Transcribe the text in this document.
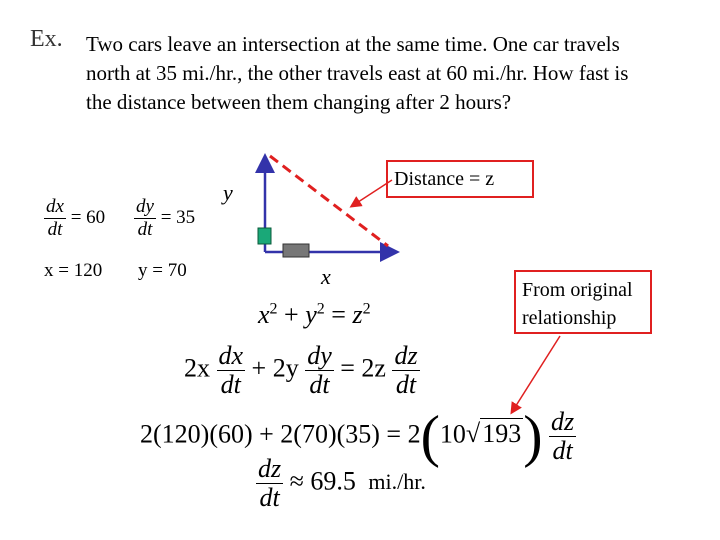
Ex. Two cars leave an intersection at the same time. One car travels north at 35 mi./hr., the other travels east at 60 mi./hr. How fast is the distance between them changing after 2 hours?
$\frac{dx}{dt} = 60 \frac{dy}{dt} = 35$
x = 120 y = 70
y
x
Distance = z
From original relationship
$x^2 + y^2 = z^2$
$2x \frac{dx}{dt} + 2y \frac{dy}{dt} = 2z \frac{dz}{dt}$
$2(120)(60) + 2(70)(35) = 2(10√193) \frac{dz}{dt}$
$\frac{dz}{dt} \approx 69.5$ mi./hr.
